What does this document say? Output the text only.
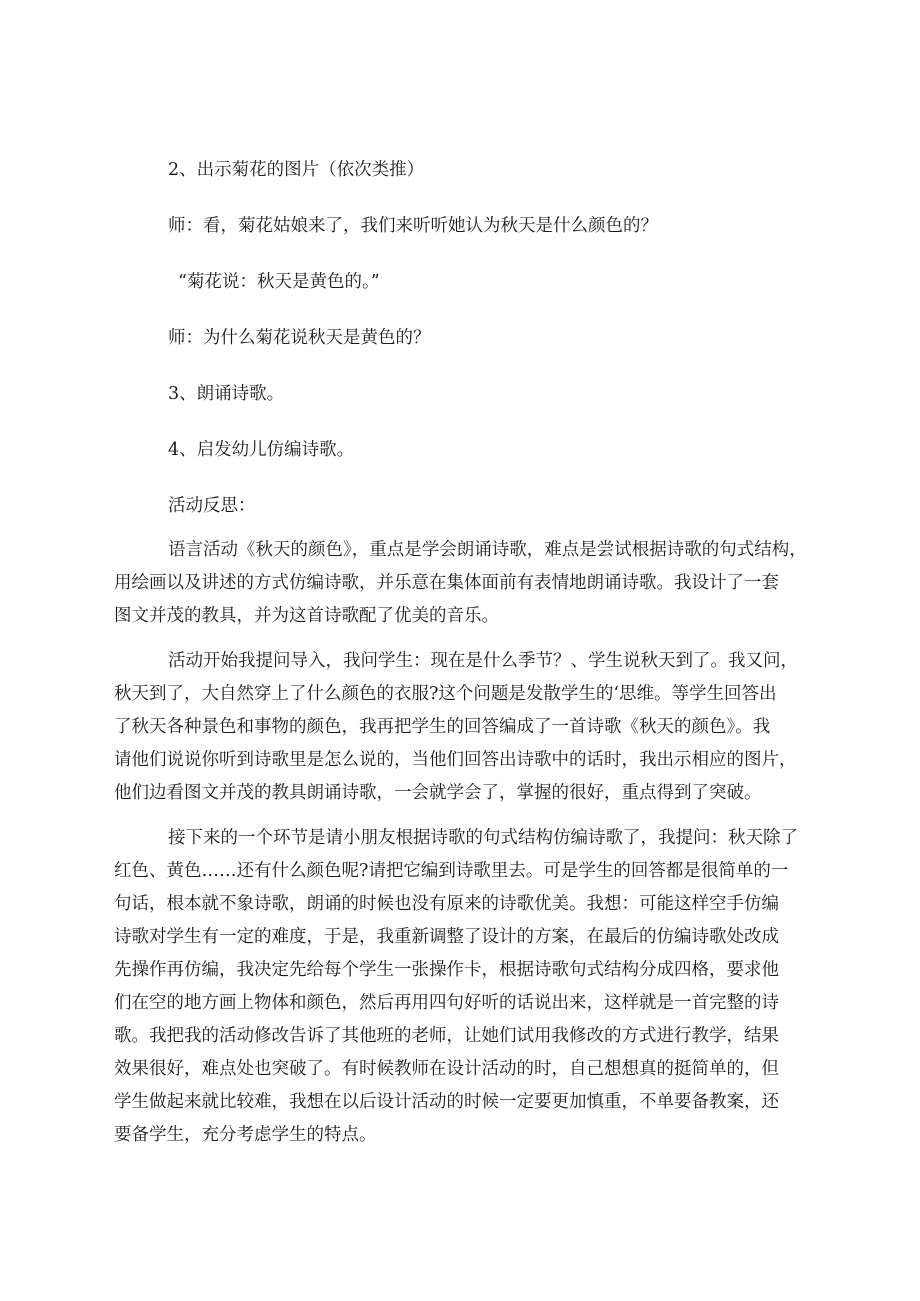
2、出示菊花的图片（依次类推）

师：看，菊花姑娘来了，我们来听听她认为秋天是什么颜色的？

“菊花说：秋天是黄色的。”

师：为什么菊花说秋天是黄色的？

3、朗诵诗歌。

4、启发幼儿仿编诗歌。

活动反思：

语言活动《秋天的颜色》，重点是学会朗诵诗歌，难点是尝试根据诗歌的句式结构，
用绘画以及讲述的方式仿编诗歌，并乐意在集体面前有表情地朗诵诗歌。我设计了一套
图文并茂的教具，并为这首诗歌配了优美的音乐。
活动开始我提问导入，我问学生：现在是什么季节？、学生说秋天到了。我又问，
秋天到了，大自然穿上了什么颜色的衣服?这个问题是发散学生的‘思维。等学生回答出
了秋天各种景色和事物的颜色，我再把学生的回答编成了一首诗歌《秋天的颜色》。我
请他们说说你听到诗歌里是怎么说的，当他们回答出诗歌中的话时，我出示相应的图片，
他们边看图文并茂的教具朗诵诗歌，一会就学会了，掌握的很好，重点得到了突破。
接下来的一个环节是请小朋友根据诗歌的句式结构仿编诗歌了，我提问：秋天除了
红色、黄色……还有什么颜色呢?请把它编到诗歌里去。可是学生的回答都是很简单的一
句话，根本就不象诗歌，朗诵的时候也没有原来的诗歌优美。我想：可能这样空手仿编
诗歌对学生有一定的难度，于是，我重新调整了设计的方案，在最后的仿编诗歌处改成
先操作再仿编，我决定先给每个学生一张操作卡，根据诗歌句式结构分成四格，要求他
们在空的地方画上物体和颜色，然后再用四句好听的话说出来，这样就是一首完整的诗
歌。我把我的活动修改告诉了其他班的老师，让她们试用我修改的方式进行教学，结果
效果很好，难点处也突破了。有时候教师在设计活动的时，自己想想真的挺简单的，但
学生做起来就比较难，我想在以后设计活动的时候一定要更加慎重，不单要备教案，还
要备学生，充分考虑学生的特点。
